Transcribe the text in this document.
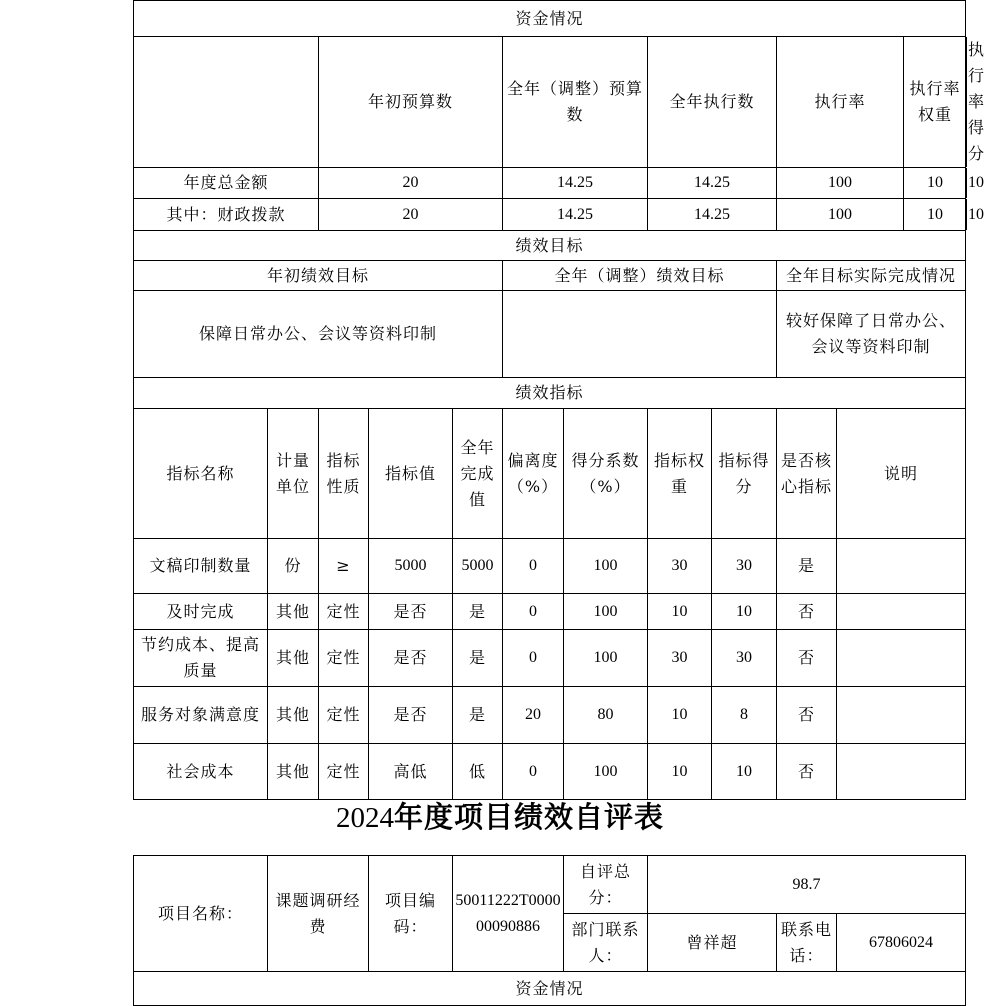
资金情况
	年初预算数	全年（调整）预算数	全年执行数		执行率	执行率权重	执行率得分

年度总金额	20	14.25	14.25		100	10	10

其中：财政拨款	20	14.25	14.25		100	10	10

绩效目标
年初绩效目标	全年（调整）绩效目标	全年目标实际完成情况
保障日常办公、会议等资料印制		较好保障了日常办公、会议等资料印制
绩效指标
指标名称	计量单位	指标性质	指标值	全年完成值	偏离度（%）	得分系数（%）	指标权重	指标得分	是否核心指标	说明
文稿印制数量	份	≥	5000	5000	0	100	30	30	是	
及时完成	其他	定性	是否	是	0	100	10	10	否	
节约成本、提高质量	其他	定性	是否	是	0	100	30	30	否	
服务对象满意度	其他	定性	是否	是	20	80	10	8	否	
社会成本	其他	定性	高低	低	0	100	10	10	否	
2024年度项目绩效自评表
项目名称：	课题调研经费	项目编码：	50011222T000000090886	自评总分：	98.7		
				部门联系人：	曾祥超	联系电话：	67806024
资金情况							
